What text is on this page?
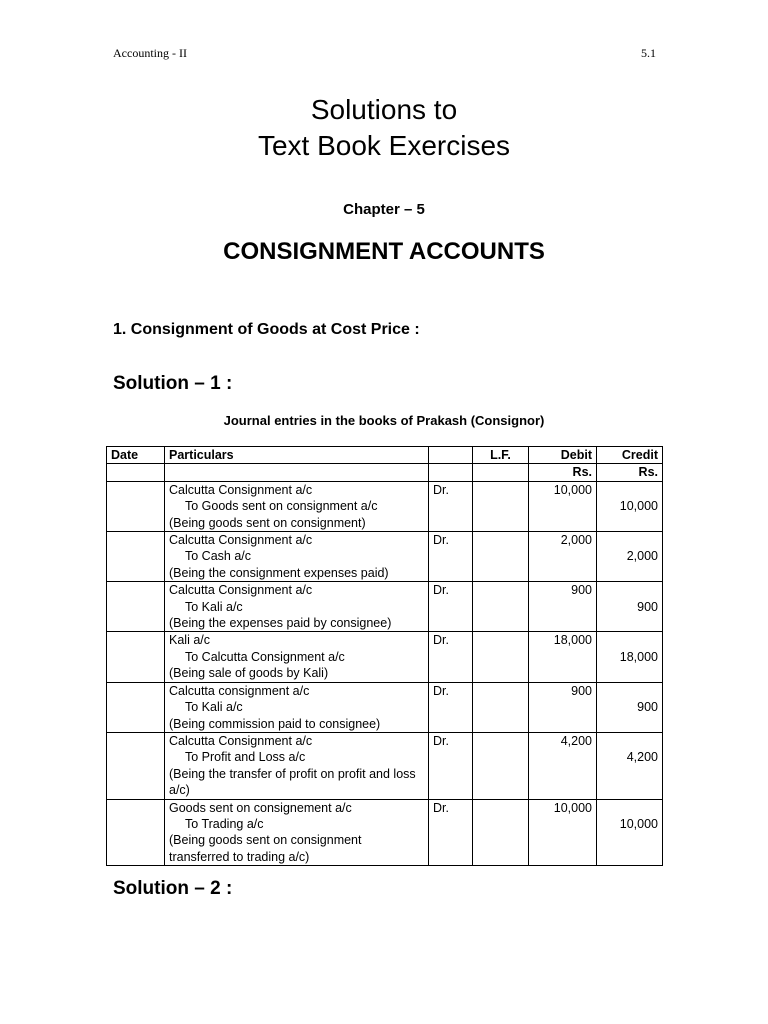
Accounting - II	5.1
Solutions to
Text Book Exercises
Chapter – 5
CONSIGNMENT ACCOUNTS
1. Consignment of Goods at Cost Price :
Solution – 1 :
Journal entries in the books of Prakash (Consignor)
Date	Particulars		L.F.	Debit	Credit
				Rs.	Rs.

	Calcutta Consignment a/c
To Goods sent on consignment a/c
(Being goods sent on consignment)	Dr.		10,000	10,000

	Calcutta Consignment a/c
To Cash a/c
(Being the consignment expenses paid)	Dr.		2,000	2,000

	Calcutta Consignment a/c
To Kali a/c
(Being the expenses paid by consignee)	Dr.		900	900

	Kali a/c
To Calcutta Consignment a/c
(Being sale of goods by Kali)	Dr.		18,000	18,000

	Calcutta consignment a/c
To Kali a/c
(Being commission paid to consignee)	Dr.		900	900

	Calcutta Consignment a/c
To Profit and Loss a/c
(Being the transfer of profit on profit and loss a/c)	Dr.		4,200	4,200

	Goods sent on consignement a/c
To Trading a/c
(Being goods sent on consignment transferred to trading a/c)	Dr.		10,000	10,000
Solution – 2 :
